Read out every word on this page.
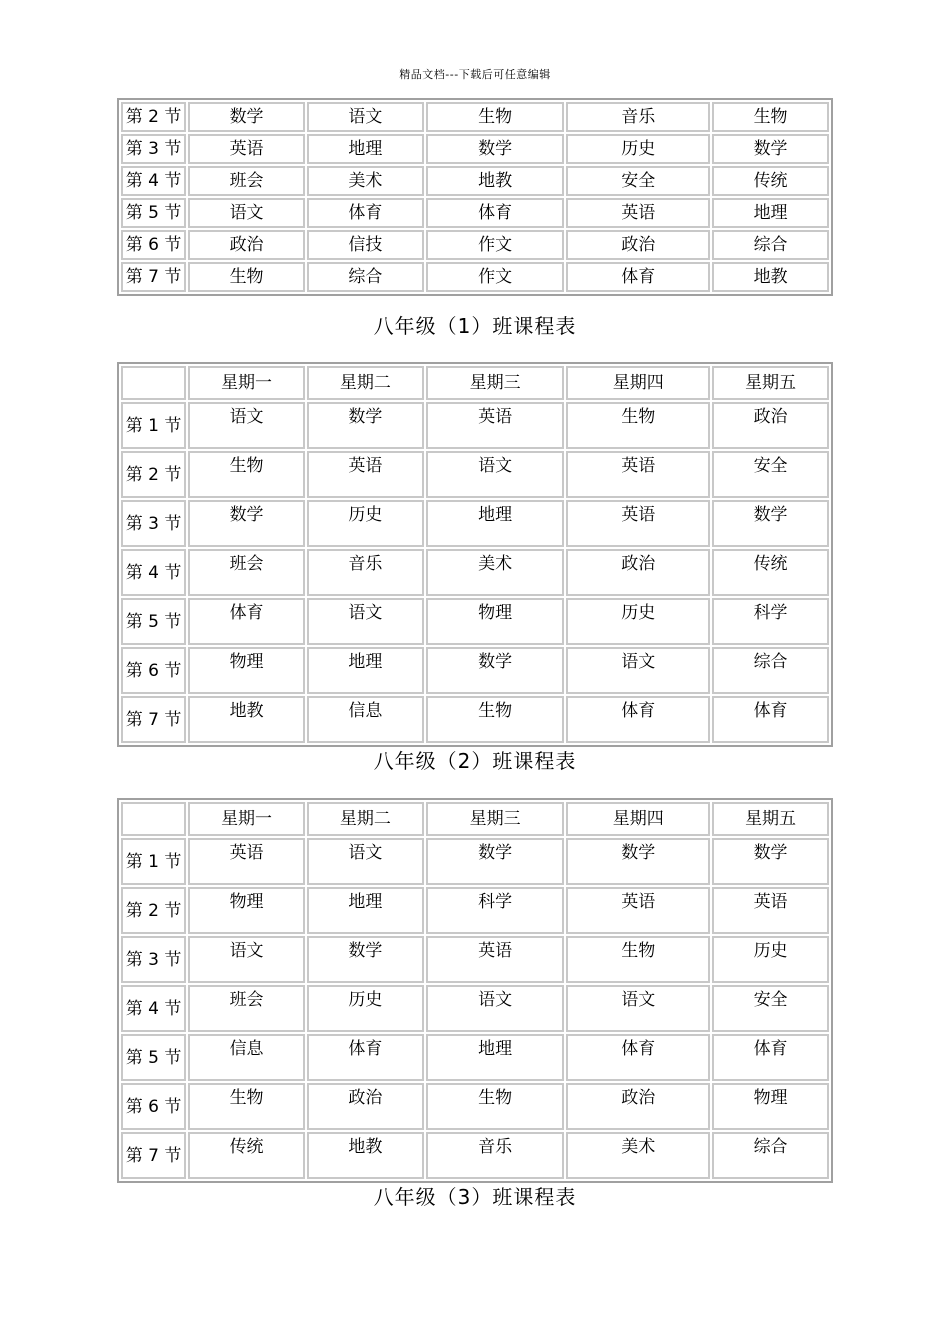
精品文档---下载后可任意编辑
第 2 节	数学	语文	生物	音乐	生物
第 3 节	英语	地理	数学	历史	数学
第 4 节	班会	美术	地教	安全	传统
第 5 节	语文	体育	体育	英语	地理
第 6 节	政治	信技	作文	政治	综合
第 7 节	生物	综合	作文	体育	地教
八年级（1）班课程表
	星期一	星期二	星期三	星期四	星期五
第 1 节	语文	数学	英语	生物	政治
第 2 节	生物	英语	语文	英语	安全
第 3 节	数学	历史	地理	英语	数学
第 4 节	班会	音乐	美术	政治	传统
第 5 节	体育	语文	物理	历史	科学
第 6 节	物理	地理	数学	语文	综合
第 7 节	地教	信息	生物	体育	体育
八年级（2）班课程表
	星期一	星期二	星期三	星期四	星期五
第 1 节	英语	语文	数学	数学	数学
第 2 节	物理	地理	科学	英语	英语
第 3 节	语文	数学	英语	生物	历史
第 4 节	班会	历史	语文	语文	安全
第 5 节	信息	体育	地理	体育	体育
第 6 节	生物	政治	生物	政治	物理
第 7 节	传统	地教	音乐	美术	综合
八年级（3）班课程表
